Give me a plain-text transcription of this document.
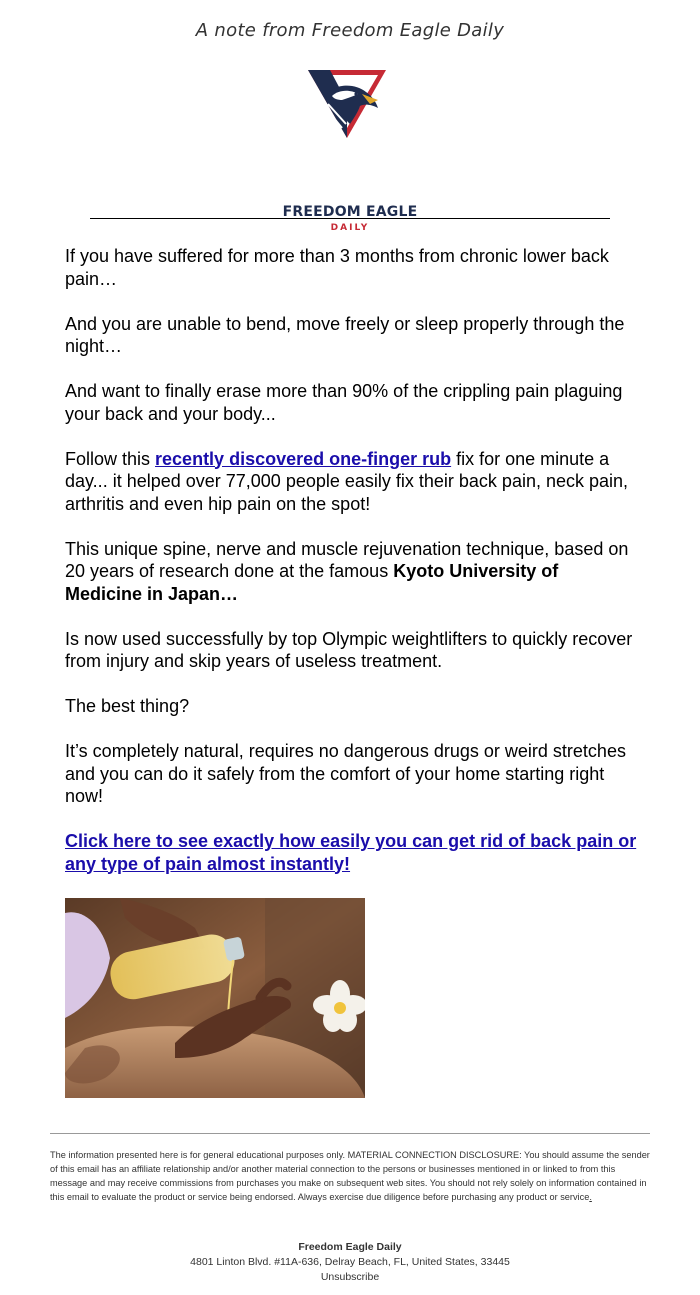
A note from Freedom Eagle Daily
FREEDOM EAGLE
DAILY

If you have suffered for more than 3 months from chronic lower back pain…

And you are unable to bend, move freely or sleep properly through the night…

And want to finally erase more than 90% of the crippling pain plaguing your back and your body...

Follow this recently discovered one-finger rub fix for one minute a day... it helped over 77,000 people easily fix their back pain, neck pain, arthritis and even hip pain on the spot!

This unique spine, nerve and muscle rejuvenation technique, based on 20 years of research done at the famous Kyoto University of Medicine in Japan…

Is now used successfully by top Olympic weightlifters to quickly recover from injury and skip years of useless treatment.

The best thing?

It’s completely natural, requires no dangerous drugs or weird stretches and you can do it safely from the comfort of your home starting right now!

Click here to see exactly how easily you can get rid of back pain or any type of pain almost instantly!

The information presented here is for general educational purposes only. MATERIAL CONNECTION DISCLOSURE: You should assume the sender of this email has an affiliate relationship and/or another material connection to the persons or businesses mentioned in or linked to from this message and may receive commissions from purchases you make on subsequent web sites. You should not rely solely on information contained in this email to evaluate the product or service being endorsed. Always exercise due diligence before purchasing any product or service.
Freedom Eagle Daily
4801 Linton Blvd. #11A-636, Delray Beach, FL, United States, 33445
Unsubscribe
